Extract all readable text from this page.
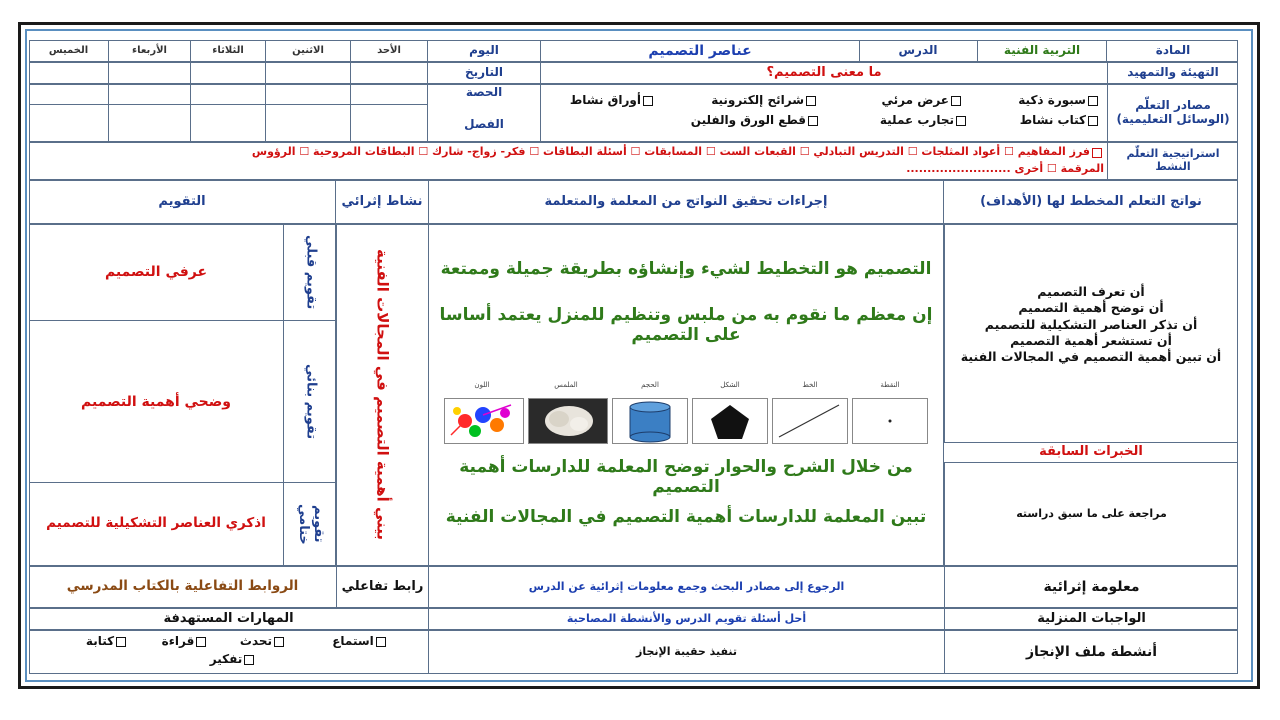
المادة
التربية الفنية
الدرس
عناصر التصميم
اليوم
الأحد
الاثنين
الثلاثاء
الأربعاء
الخميس
التهيئة والتمهيد
ما معنى التصميم؟
التاريخ
مصادر التعلّم (الوسائل التعليمية)
سبورة ذكية
عرض مرئي
شرائح إلكترونية
أوراق نشاط
كتاب نشاط
تجارب عملية
قطع الورق والفلين
الحصة
الفصل
استراتيجية التعلّم النشط
فرز المفاهيم ☐ أعواد المثلجات ☐ التدريس التبادلي ☐ القبعات الست ☐ المسابقات ☐ أسئلة البطاقات ☐ فكر- زواج- شارك ☐ البطاقات المروحية ☐ الرؤوس
المرقمة ☐ أخرى .........................
نواتج التعلم المخطط لها (الأهداف)
إجراءات تحقيق النواتج من المعلمة والمتعلمة
نشاط إثرائي
التقويم
أن تعرف التصميم
أن توضح أهمية التصميم
أن تذكر العناصر التشكيلية للتصميم
أن تستشعر أهمية التصميم
أن تبين أهمية التصميم في المجالات الفنية
الخبرات السابقة
مراجعة على ما سبق دراسته
التصميم هو التخطيط لشيء وإنشاؤه بطريقة جميلة وممتعة
إن معظم ما نقوم به من ملبس وتنظيم للمنزل يعتمد أساسا على التصميم
النقطة
الخط
الشكل
الحجم
الملمس
اللون
من خلال الشرح والحوار توضح المعلمة للدارسات أهمية التصميم
تبين المعلمة للدارسات أهمية التصميم في المجالات الفنية
بيني أهمية التصميم في المجالات الفنية
تقويم قبلي
عرفي التصميم
تقويم بنائي
وضحي أهمية التصميم
تقويم ختامي
اذكري العناصر التشكيلية للتصميم
معلومة إثرائية
الرجوع إلى مصادر البحث وجمع معلومات إثرائية عن الدرس
رابط تفاعلي
الروابط التفاعلية بالكتاب المدرسي
الواجبات المنزلية
أحل أسئلة تقويم الدرس والأنشطة المصاحبة
المهارات المستهدفة
أنشطة ملف الإنجاز
تنفيذ حقيبة الإنجاز
استماع
تحدث
قراءة
كتابة
تفكير
